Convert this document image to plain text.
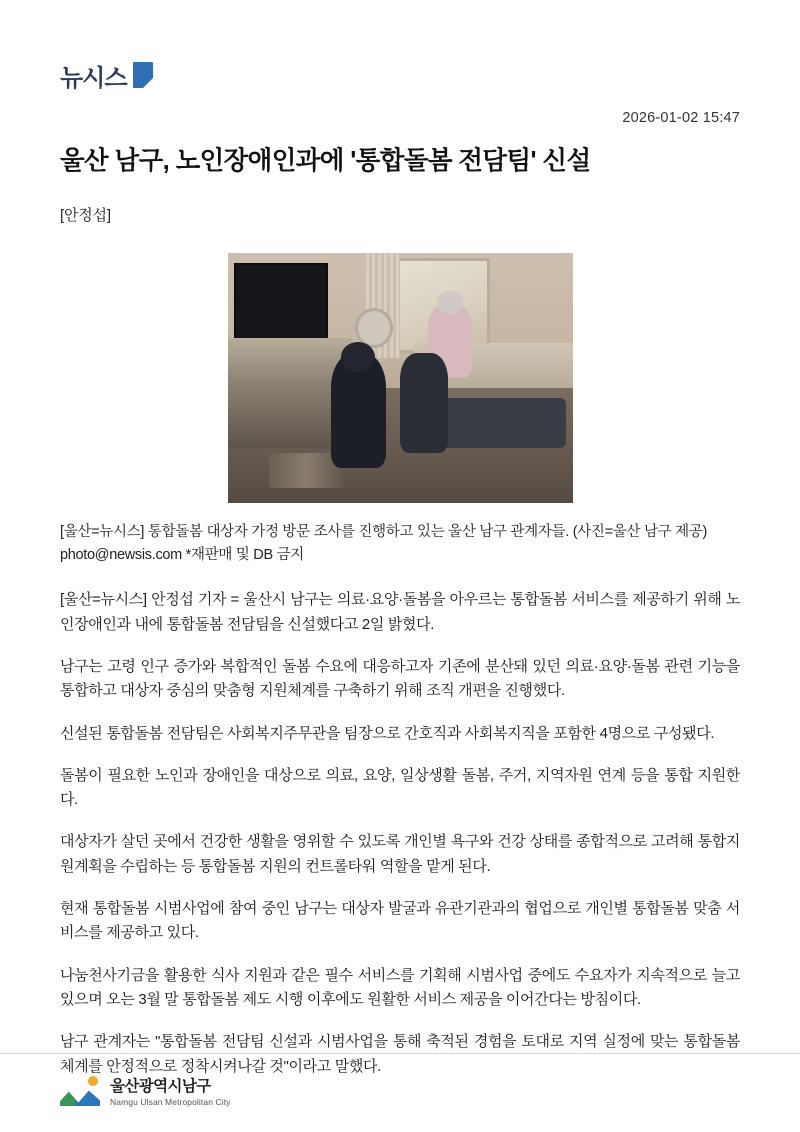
뉴시스
2026-01-02 15:47
울산 남구, 노인장애인과에 '통합돌봄 전담팀' 신설
[안정섭]
[울산=뉴시스] 통합돌봄 대상자 가정 방문 조사를 진행하고 있는 울산 남구 관계자들. (사진=울산 남구 제공) photo@newsis.com *재판매 및 DB 금지

[울산=뉴시스] 안정섭 기자 = 울산시 남구는 의료·요양·돌봄을 아우르는 통합돌봄 서비스를 제공하기 위해 노인장애인과 내에 통합돌봄 전담팀을 신설했다고 2일 밝혔다.

남구는 고령 인구 증가와 복합적인 돌봄 수요에 대응하고자 기존에 분산돼 있던 의료·요양·돌봄 관련 기능을 통합하고 대상자 중심의 맞춤형 지원체계를 구축하기 위해 조직 개편을 진행했다.

신설된 통합돌봄 전담팀은 사회복지주무관을 팀장으로 간호직과 사회복지직을 포함한 4명으로 구성됐다.

돌봄이 필요한 노인과 장애인을 대상으로 의료, 요양, 일상생활 돌봄, 주거, 지역자원 연계 등을 통합 지원한다.

대상자가 살던 곳에서 건강한 생활을 영위할 수 있도록 개인별 욕구와 건강 상태를 종합적으로 고려해 통합지원계획을 수립하는 등 통합돌봄 지원의 컨트롤타워 역할을 맡게 된다.

현재 통합돌봄 시범사업에 참여 중인 남구는 대상자 발굴과 유관기관과의 협업으로 개인별 통합돌봄 맞춤 서비스를 제공하고 있다.

나눔천사기금을 활용한 식사 지원과 같은 필수 서비스를 기획해 시범사업 중에도 수요자가 지속적으로 늘고 있으며 오는 3월 말 통합돌봄 제도 시행 이후에도 원활한 서비스 제공을 이어간다는 방침이다.

남구 관계자는 "통합돌봄 전담팀 신설과 시범사업을 통해 축적된 경험을 토대로 지역 실정에 맞는 통합돌봄 체계를 안정적으로 정착시켜나갈 것"이라고 말했다.

울산광역시남구
Namgu Ulsan Metropolitan City
